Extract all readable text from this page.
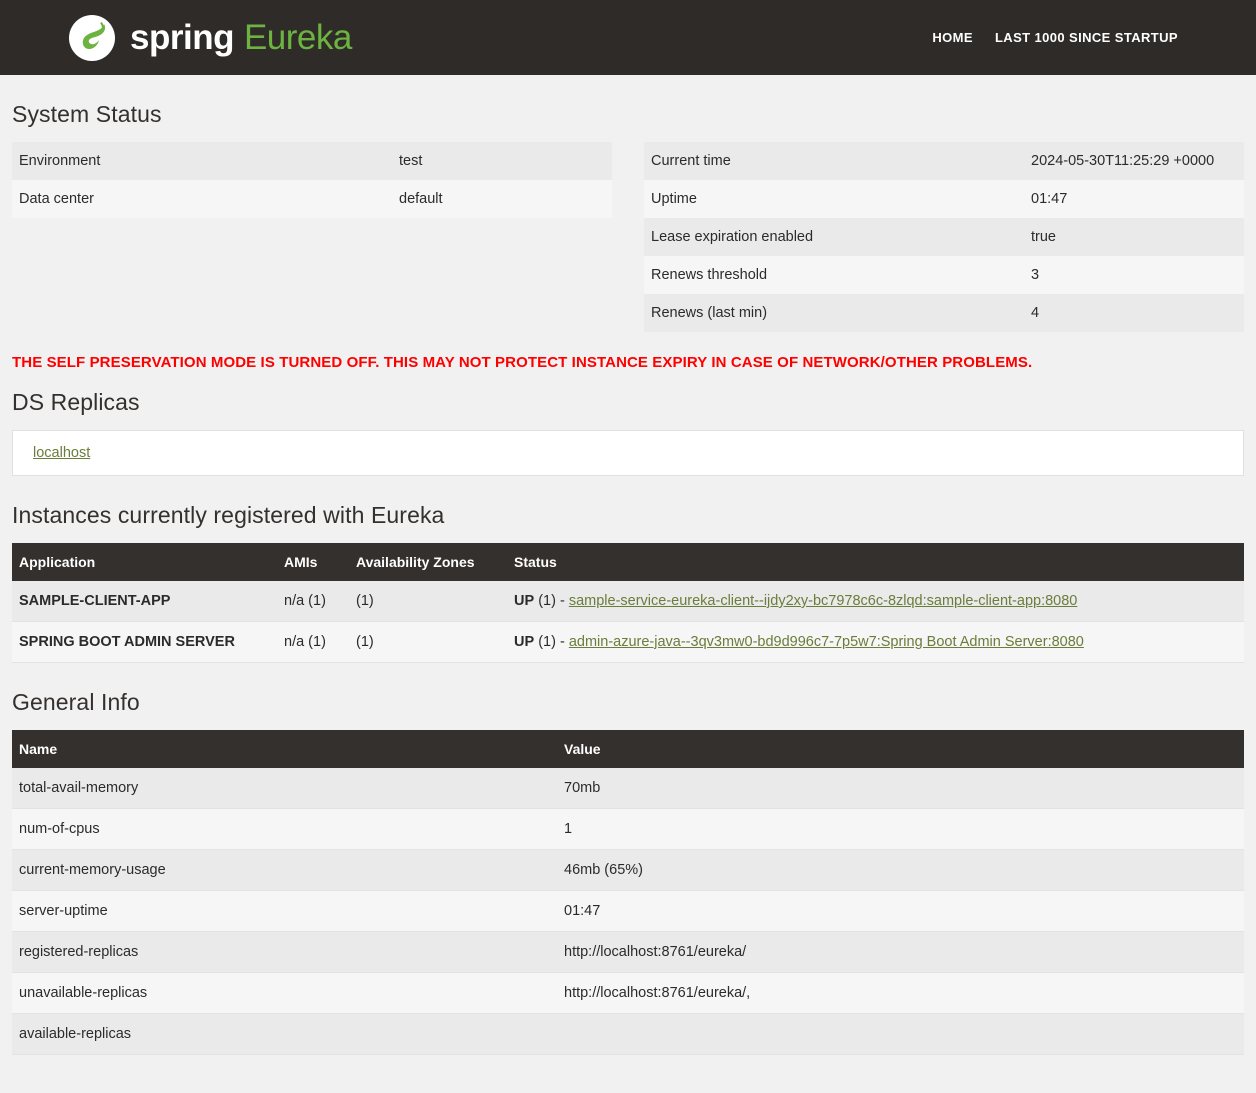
spring Eureka	HOME LAST 1000 SINCE STARTUP
System Status
Environment	test
Data center	default
Current time	2024-05-30T11:25:29 +0000
Uptime	01:47
Lease expiration enabled	true
Renews threshold	3
Renews (last min)	4

THE SELF PRESERVATION MODE IS TURNED OFF. THIS MAY NOT PROTECT INSTANCE EXPIRY IN CASE OF NETWORK/OTHER PROBLEMS.

DS Replicas
localhost
Instances currently registered with Eureka
Application	AMIs	Availability Zones	Status
SAMPLE-CLIENT-APP	n/a (1)	(1)	UP (1) - sample-service-eureka-client--ijdy2xy-bc7978c6c-8zlqd:sample-client-app:8080
SPRING BOOT ADMIN SERVER	n/a (1)	(1)	UP (1) - admin-azure-java--3qv3mw0-bd9d996c7-7p5w7:Spring Boot Admin Server:8080
General Info
Name	Value
total-avail-memory	70mb
num-of-cpus	1
current-memory-usage	46mb (65%)
server-uptime	01:47
registered-replicas	http://localhost:8761/eureka/
unavailable-replicas	http://localhost:8761/eureka/,
available-replicas	
